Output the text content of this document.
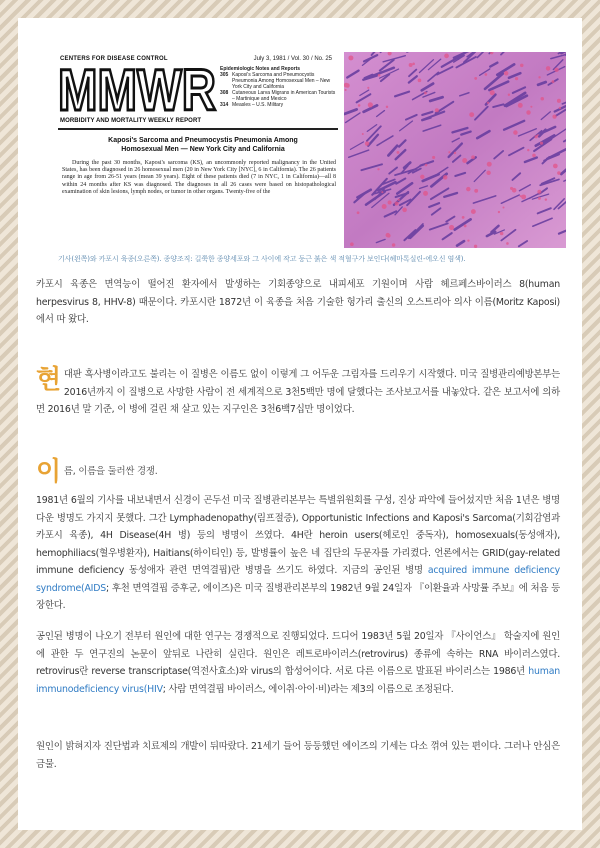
CENTERS FOR DISEASE CONTROL	July 3, 1981 / Vol. 30 / No. 25
MMWR
MORBIDITY AND MORTALITY WEEKLY REPORT
Epidemiologic Notes and Reports
305 Kaposi's Sarcoma and Pneumocystis Pneumonia Among Homosexual Men – New York City and California
308 Cutaneous Larva Migrans in American Tourists – Martinique and Mexico
314 Measles – U.S. Military
Kaposi's Sarcoma and Pneumocystis Pneumonia Among Homosexual Men — New York City and California
During the past 30 months, Kaposi's sarcoma (KS), an uncommonly reported malignancy in the United States, has been diagnosed in 26 homosexual men (20 in New York City [NYC], 6 in California). The 26 patients range in age from 26-51 years (mean 39 years). Eight of these patients died (7 in NYC, 1 in California)—all 8 within 24 months after KS was diagnosed. The diagnoses in all 26 cases were based on histopathological examination of skin lesions, lymph nodes, or tumor in other organs. Twenty-five of the
기사(왼쪽)와 카포시 육종(오른쪽). 종양조직: 길쭉한 종양세포와 그 사이에 작고 둥근 붉은 색 적혈구가 보인다(헤마톡실린-에오신 염색).
카포시 육종은 면역능이 떨어진 환자에서 발생하는 기회종양으로 내피세포 기원이며 사람 헤르페스바이러스 8(human herpesvirus 8, HHV-8) 때문이다. 카포시란 1872년 이 육종을 처음 기술한 헝가리 출신의 오스트리아 의사 이름(Moritz Kaposi)에서 따 왔다.
현 대판 흑사병이라고도 불리는 이 질병은 이름도 없이 이렇게 그 어두운 그림자를 드리우기 시작했다. 미국 질병관리예방본부는 2016년까지 이 질병으로 사망한 사람이 전 세계적으로 3천5백만 명에 달했다는 조사보고서를 내놓았다. 같은 보고서에 의하면 2016년 말 기준, 이 병에 걸린 채 살고 있는 지구인은 3천6백7십만 명이었다.
이 름, 이름을 둘러싼 경쟁.
1981년 6월의 기사를 내보내면서 신경이 곤두선 미국 질병관리본부는 특별위원회를 구성, 진상 파악에 들어섰지만 처음 1년은 병명다운 병명도 가지지 못했다. 그간 Lymphadenopathy(림프절증), Opportunistic Infections and Kaposi's Sarcoma(기회감염과 카포시 육종), 4H Disease(4H 병) 등의 병명이 쓰였다. 4H란 heroin users(헤로인 중독자), homosexuals(동성애자), hemophiliacs(혈우병환자), Haitians(하이티인) 등, 발병률이 높은 네 집단의 두문자를 가리켰다. 언론에서는 GRID(gay-related immune deficiency 동성애자 관련 면역결핍)란 병명을 쓰기도 하였다. 지금의 공인된 병명 acquired immune deficiency syndrome(AIDS; 후천 면역결핍 증후군, 에이즈)은 미국 질병관리본부의 1982년 9월 24일자 『이환율과 사망률 주보』에 처음 등장한다.
공인된 병명이 나오기 전부터 원인에 대한 연구는 경쟁적으로 진행되었다. 드디어 1983년 5월 20일자 『사이언스』 학술지에 원인에 관한 두 연구진의 논문이 앞뒤로 나란히 실린다. 원인은 레트로바이러스(retrovirus) 종류에 속하는 RNA 바이러스였다. retrovirus란 reverse transcriptase(역전사효소)와 virus의 합성어이다. 서로 다른 이름으로 발표된 바이러스는 1986년 human immunodeficiency virus(HIV; 사람 면역결핍 바이러스, 에이취·아이·비)라는 제3의 이름으로 조정된다.
원인이 밝혀지자 진단법과 치료제의 개발이 뒤따랐다. 21세기 들어 등등했던 에이즈의 기세는 다소 꺾여 있는 편이다. 그러나 안심은 금물.
